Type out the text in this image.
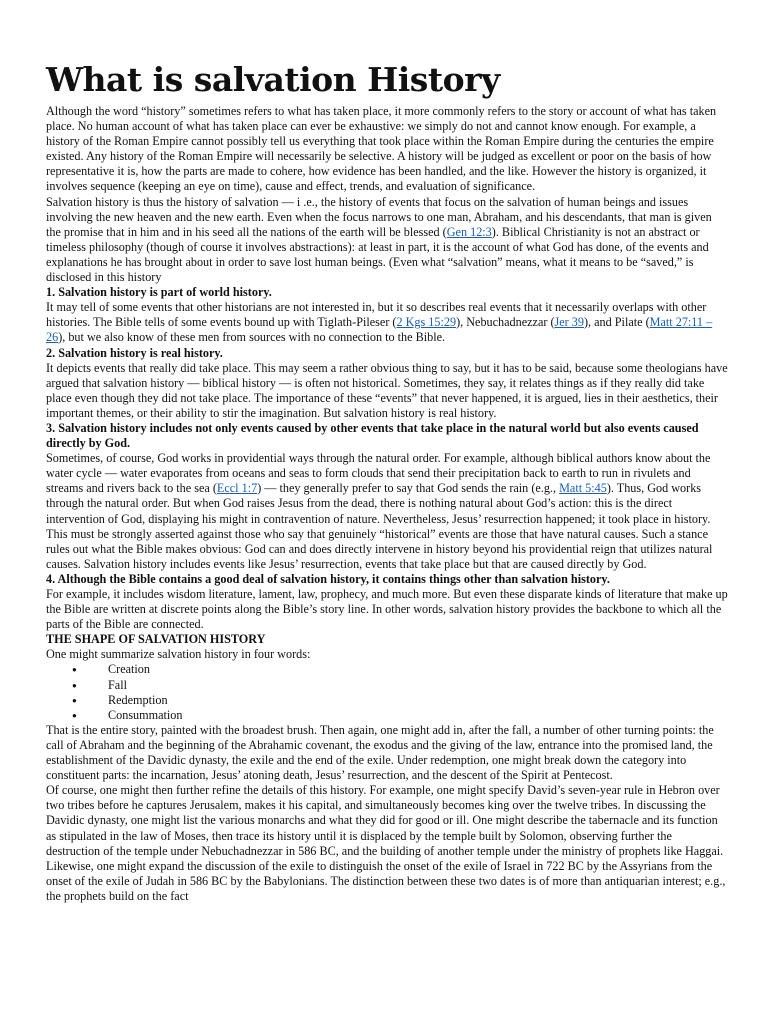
What is salvation History

Although the word “history” sometimes refers to what has taken place, it more commonly refers to the story or account of what has taken place. No human account of what has taken place can ever be exhaustive: we simply do not and cannot know enough. For example, a history of the Roman Empire cannot possibly tell us everything that took place within the Roman Empire during the centuries the empire existed. Any history of the Roman Empire will necessarily be selective. A history will be judged as excellent or poor on the basis of how representative it is, how the parts are made to cohere, how evidence has been handled, and the like. However the history is organized, it involves sequence (keeping an eye on time), cause and effect, trends, and evaluation of significance.

Salvation history is thus the history of salvation — i .e., the history of events that focus on the salvation of human beings and issues involving the new heaven and the new earth. Even when the focus narrows to one man, Abraham, and his descendants, that man is given the promise that in him and in his seed all the nations of the earth will be blessed (Gen 12:3). Biblical Christianity is not an abstract or timeless philosophy (though of course it involves abstractions): at least in part, it is the account of what God has done, of the events and explanations he has brought about in order to save lost human beings. (Even what “salvation” means, what it means to be “saved,” is disclosed in this history

1. Salvation history is part of world history.

It may tell of some events that other historians are not interested in, but it so describes real events that it necessarily overlaps with other histories. The Bible tells of some events bound up with Tiglath-Pileser (2 Kgs 15:29), Nebuchadnezzar (Jer 39), and Pilate (Matt 27:11 – 26), but we also know of these men from sources with no connection to the Bible.

2. Salvation history is real history.

It depicts events that really did take place. This may seem a rather obvious thing to say, but it has to be said, because some theologians have argued that salvation history — biblical history — is often not historical. Sometimes, they say, it relates things as if they really did take place even though they did not take place. The importance of these “events” that never happened, it is argued, lies in their aesthetics, their important themes, or their ability to stir the imagination. But salvation history is real history.

3. Salvation history includes not only events caused by other events that take place in the natural world but also events caused directly by God.

Sometimes, of course, God works in providential ways through the natural order. For example, although biblical authors know about the water cycle — water evaporates from oceans and seas to form clouds that send their precipitation back to earth to run in rivulets and streams and rivers back to the sea (Eccl 1:7) — they generally prefer to say that God sends the rain (e.g., Matt 5:45). Thus, God works through the natural order. But when God raises Jesus from the dead, there is nothing natural about God’s action: this is the direct intervention of God, displaying his might in contravention of nature. Nevertheless, Jesus’ resurrection happened; it took place in history. This must be strongly asserted against those who say that genuinely “historical” events are those that have natural causes. Such a stance rules out what the Bible makes obvious: God can and does directly intervene in history beyond his providential reign that utilizes natural causes. Salvation history includes events like Jesus’ resurrection, events that take place but that are caused directly by God.

4. Although the Bible contains a good deal of salvation history, it contains things other than salvation history.

For example, it includes wisdom literature, lament, law, prophecy, and much more. But even these disparate kinds of literature that make up the Bible are written at discrete points along the Bible’s story line. In other words, salvation history provides the backbone to which all the parts of the Bible are connected.

THE SHAPE OF SALVATION HISTORY

One might summarize salvation history in four words:

● Creation
● Fall
● Redemption
● Consummation

That is the entire story, painted with the broadest brush. Then again, one might add in, after the fall, a number of other turning points: the call of Abraham and the beginning of the Abrahamic covenant, the exodus and the giving of the law, entrance into the promised land, the establishment of the Davidic dynasty, the exile and the end of the exile. Under redemption, one might break down the category into constituent parts: the incarnation, Jesus’ atoning death, Jesus’ resurrection, and the descent of the Spirit at Pentecost.

Of course, one might then further refine the details of this history. For example, one might specify David’s seven-year rule in Hebron over two tribes before he captures Jerusalem, makes it his capital, and simultaneously becomes king over the twelve tribes. In discussing the Davidic dynasty, one might list the various monarchs and what they did for good or ill. One might describe the tabernacle and its function as stipulated in the law of Moses, then trace its history until it is displaced by the temple built by Solomon, observing further the destruction of the temple under Nebuchadnezzar in 586 BC, and the building of another temple under the ministry of prophets like Haggai. Likewise, one might expand the discussion of the exile to distinguish the onset of the exile of Israel in 722 BC by the Assyrians from the onset of the exile of Judah in 586 BC by the Babylonians. The distinction between these two dates is of more than antiquarian interest; e.g., the prophets build on the fact
